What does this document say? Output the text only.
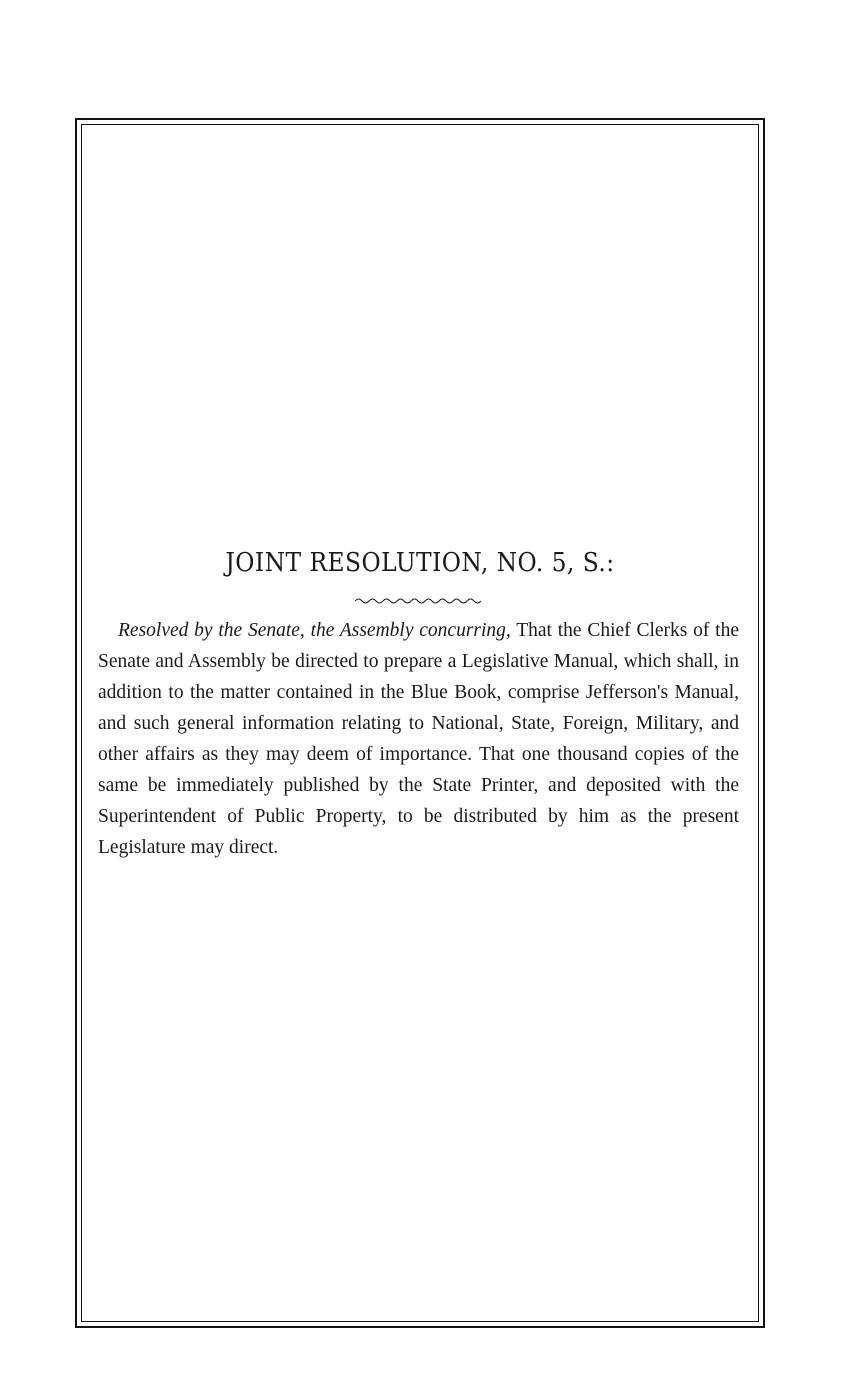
JOINT RESOLUTION, NO. 5, S.:

Resolved by the Senate, the Assembly concurring, That the Chief Clerks of the Senate and Assembly be directed to prepare a Legislative Manual, which shall, in addition to the matter contained in the Blue Book, comprise Jefferson's Manual, and such general information relating to National, State, Foreign, Military, and other affairs as they may deem of importance. That one thousand copies of the same be immediately published by the State Printer, and deposited with the Superintendent of Public Property, to be distributed by him as the present Legislature may direct.
